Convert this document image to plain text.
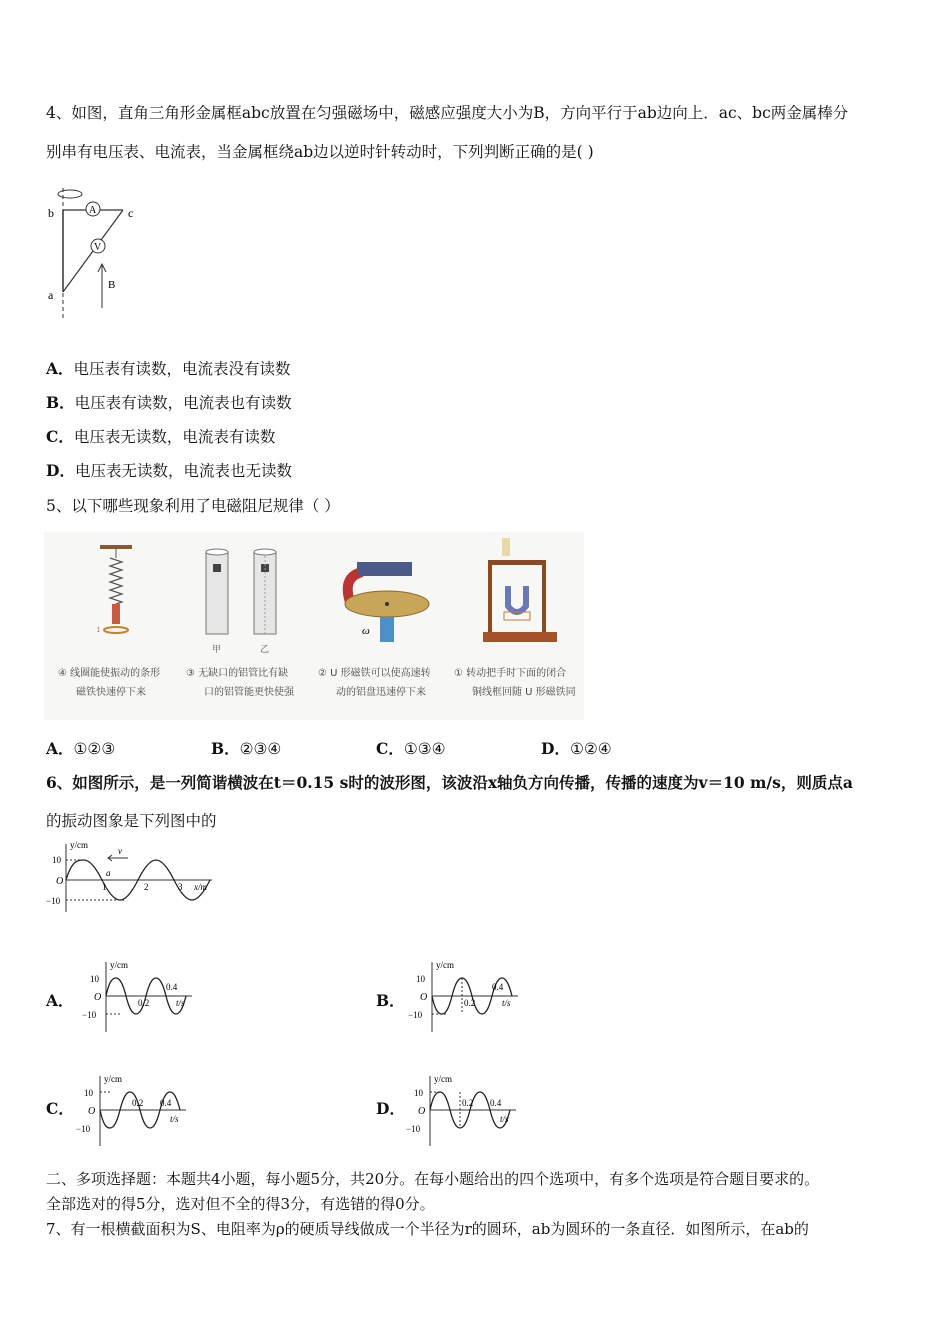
4、如图，直角三角形金属框abc放置在匀强磁场中，磁感应强度大小为B，方向平行于ab边向上．ac、bc两金属棒分
别串有电压表、电流表，当金属框绕ab边以逆时针转动时，下列判断正确的是( )
A
V
b	c
a
B
A．电压表有读数，电流表没有读数
B．电压表有读数，电流表也有读数
C．电压表无读数，电流表有读数
D．电压表无读数，电流表也无读数
5、以下哪些现象利用了电磁阻尼规律（ ）
↕
④ 线圈能使振动的条形
磁铁快速停下来
甲	乙
③ 无缺口的铝管比有缺
口的铝管能更快使强
ω
② U 形磁铁可以使高速转
动的铝盘迅速停下来
① 转动把手时下面的闭合
铜线框回随 U 形磁铁同
A．①②③	B．②③④	C．①③④	D．①②④
6、如图所示，是一列简谐横波在t＝0.15 s时的波形图，该波沿x轴负方向传播，传播的速度为v＝10 m/s，则质点a
的振动图象是下列图中的
y/cm
10
O
−10
1	2	3 x/m
a
v
A．
y/cm
10
O
−10
0.2
0.4
t/s	B．
y/cm
10
O
−10
0.2
0.4
t/s
C．
y/cm
10
O
−10
0.2 0.4
t/s
D．
y/cm
10
O
−10
0.2 0.4
t/s
二、多项选择题：本题共4小题，每小题5分，共20分。在每小题给出的四个选项中，有多个选项是符合题目要求的。
全部选对的得5分，选对但不全的得3分，有选错的得0分。
7、有一根横截面积为S、电阻率为ρ的硬质导线做成一个半径为r的圆环，ab为圆环的一条直径．如图所示，在ab的
